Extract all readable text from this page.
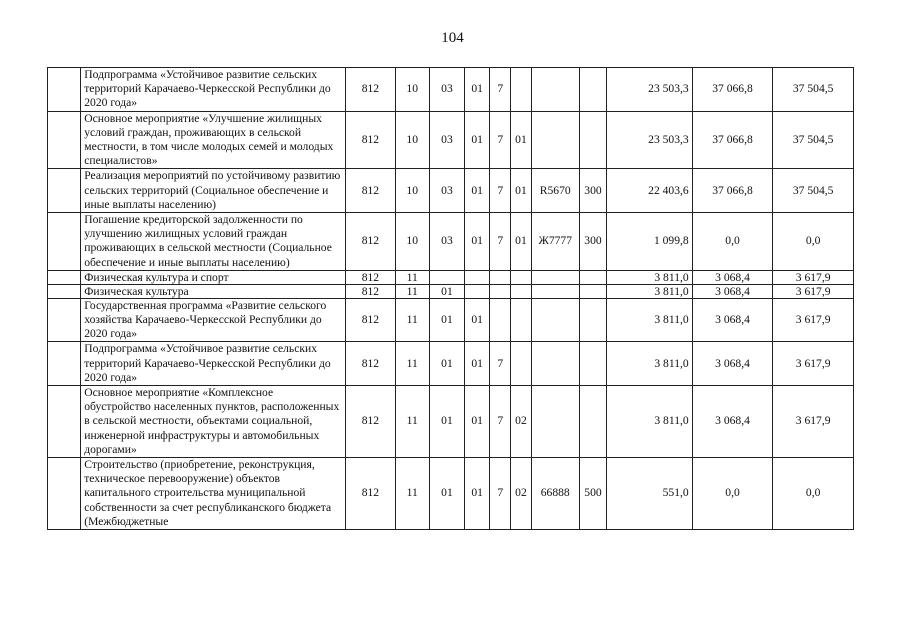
104
	Подпрограмма «Устойчивое развитие сельских территорий Карачаево-Черкесской Республики до 2020 года»	812	10	03	01	7				23 503,3	37 066,8	37 504,5
	Основное мероприятие «Улучшение жилищных условий граждан, проживающих в сельской местности, в том числе молодых семей и молодых специалистов»	812	10	03	01	7	01			23 503,3	37 066,8	37 504,5
	Реализация мероприятий по устойчивому развитию сельских территорий (Социальное обеспечение и иные выплаты населению)	812	10	03	01	7	01	R5670	300	22 403,6	37 066,8	37 504,5
	Погашение кредиторской задолженности по улучшению жилищных условий граждан проживающих в сельской местности (Социальное обеспечение и иные выплаты населению)	812	10	03	01	7	01	Ж7777	300	1 099,8	0,0	0,0
	Физическая культура и спорт	812	11							3 811,0	3 068,4	3 617,9
	Физическая культура	812	11	01						3 811,0	3 068,4	3 617,9
	Государственная программа «Развитие сельского хозяйства Карачаево-Черкесской Республики до 2020 года»	812	11	01	01					3 811,0	3 068,4	3 617,9
	Подпрограмма «Устойчивое развитие сельских территорий Карачаево-Черкесской Республики до 2020 года»	812	11	01	01	7				3 811,0	3 068,4	3 617,9
	Основное мероприятие «Комплексное обустройство населенных пунктов, расположенных в сельской местности, объектами социальной, инженерной инфраструктуры и автомобильных дорогами»	812	11	01	01	7	02			3 811,0	3 068,4	3 617,9
	Строительство (приобретение, реконструкция, техническое перевооружение) объектов капитального строительства муниципальной собственности за счет республиканского бюджета (Межбюджетные	812	11	01	01	7	02	66888	500	551,0	0,0	0,0
